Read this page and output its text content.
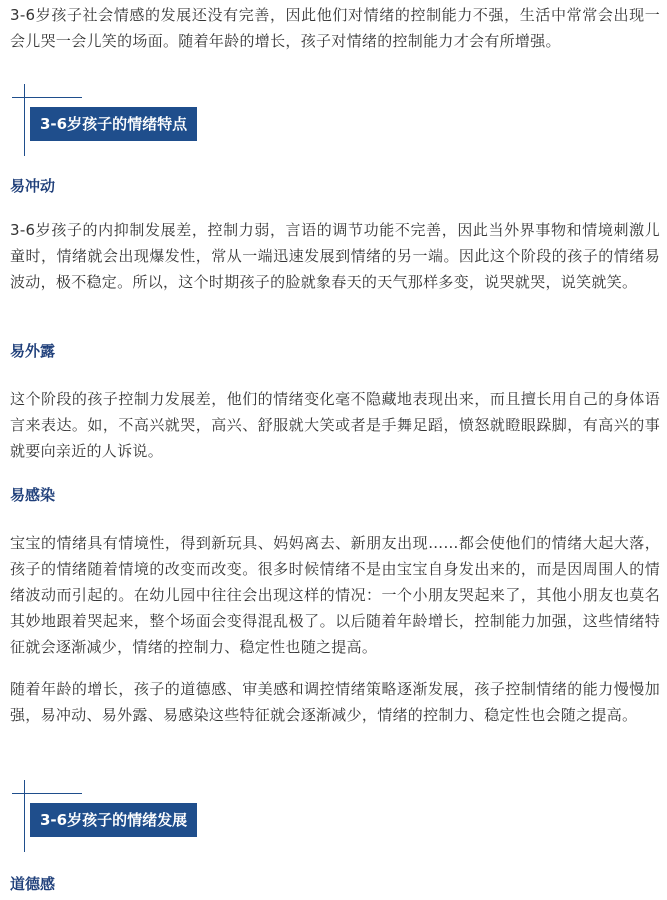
3-6岁孩子社会情感的发展还没有完善，因此他们对情绪的控制能力不强，生活中常常会出现一会儿哭一会儿笑的场面。随着年龄的增长，孩子对情绪的控制能力才会有所增强。

3-6岁孩子的情绪特点
易冲动

3-6岁孩子的内抑制发展差，控制力弱，言语的调节功能不完善，因此当外界事物和情境刺激儿童时，情绪就会出现爆发性，常从一端迅速发展到情绪的另一端。因此这个阶段的孩子的情绪易波动，极不稳定。所以，这个时期孩子的脸就象春天的天气那样多变，说哭就哭，说笑就笑。

易外露

这个阶段的孩子控制力发展差，他们的情绪变化毫不隐藏地表现出来，而且擅长用自己的身体语言来表达。如，不高兴就哭，高兴、舒服就大笑或者是手舞足蹈，愤怒就瞪眼跺脚，有高兴的事就要向亲近的人诉说。

易感染

宝宝的情绪具有情境性，得到新玩具、妈妈离去、新朋友出现……都会使他们的情绪大起大落，孩子的情绪随着情境的改变而改变。很多时候情绪不是由宝宝自身发出来的，而是因周围人的情绪波动而引起的。在幼儿园中往往会出现这样的情况：一个小朋友哭起来了，其他小朋友也莫名其妙地跟着哭起来，整个场面会变得混乱极了。以后随着年龄增长，控制能力加强，这些情绪特征就会逐渐减少，情绪的控制力、稳定性也随之提高。

随着年龄的增长，孩子的道德感、审美感和调控情绪策略逐渐发展，孩子控制情绪的能力慢慢加强，易冲动、易外露、易感染这些特征就会逐渐减少，情绪的控制力、稳定性也会随之提高。

3-6岁孩子的情绪发展
道德感
